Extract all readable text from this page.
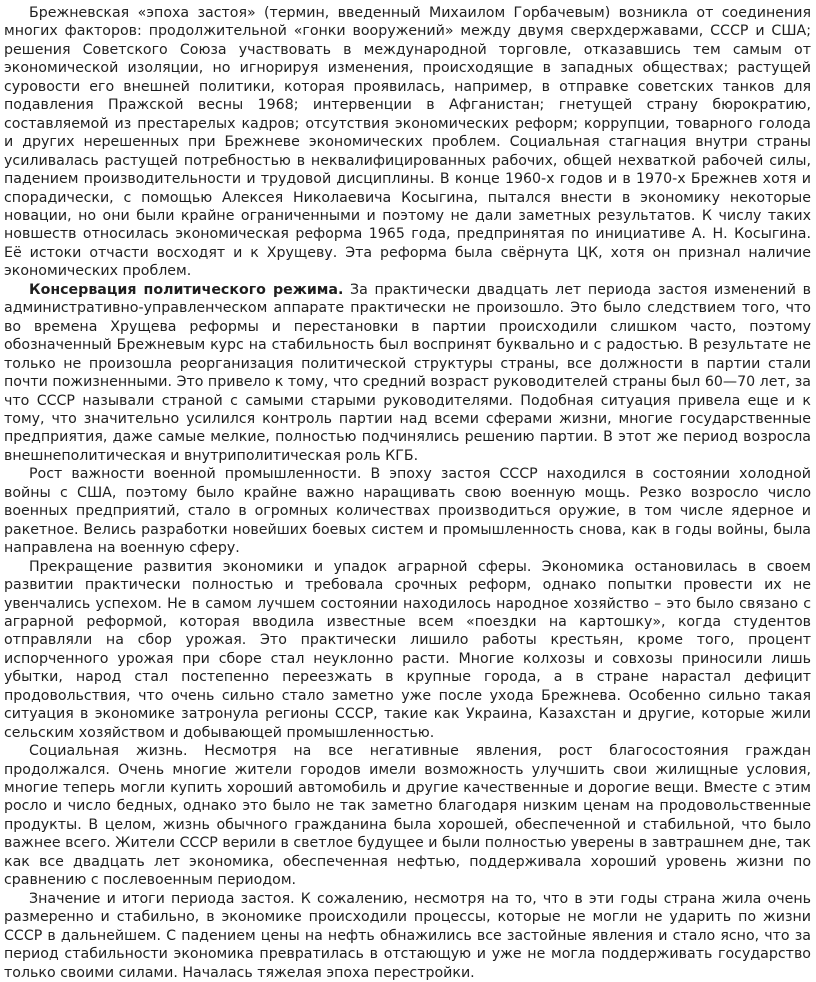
Брежневская «эпоха застоя» (термин, введенный Михаилом Горбачевым) возникла от соединения многих факторов: продолжительной «гонки вооружений» между двумя сверхдержавами, СССР и США; решения Советского Союза участвовать в международной торговле, отказавшись тем самым от экономической изоляции, но игнорируя изменения, происходящие в западных обществах; растущей суровости его внешней политики, которая проявилась, например, в отправке советских танков для подавления Пражской весны 1968; интервенции в Афганистан; гнетущей страну бюрократию, составляемой из престарелых кадров; отсутствия экономических реформ; коррупции, товарного голода и других нерешенных при Брежневе экономических проблем. Социальная стагнация внутри страны усиливалась растущей потребностью в неквалифицированных рабочих, общей нехваткой рабочей силы, падением производительности и трудовой дисциплины. В конце 1960-х годов и в 1970-х Брежнев хотя и спорадически, с помощью Алексея Николаевича Косыгина, пытался внести в экономику некоторые новации, но они были крайне ограниченными и поэтому не дали заметных результатов. К числу таких новшеств относилась экономическая реформа 1965 года, предпринятая по инициативе А. Н. Косыгина. Её истоки отчасти восходят и к Хрущеву. Эта реформа была свёрнута ЦК, хотя он признал наличие экономических проблем.

Консервация политического режима. За практически двадцать лет периода застоя изменений в административно-управленческом аппарате практически не произошло. Это было следствием того, что во времена Хрущева реформы и перестановки в партии происходили слишком часто, поэтому обозначенный Брежневым курс на стабильность был воспринят буквально и с радостью. В результате не только не произошла реорганизация политической структуры страны, все должности в партии стали почти пожизненными. Это привело к тому, что средний возраст руководителей страны был 60—70 лет, за что СССР называли страной с самыми старыми руководителями. Подобная ситуация привела еще и к тому, что значительно усилился контроль партии над всеми сферами жизни, многие государственные предприятия, даже самые мелкие, полностью подчинялись решению партии. В этот же период возросла внешнеполитическая и внутриполитическая роль КГБ.

Рост важности военной промышленности. В эпоху застоя СССР находился в состоянии холодной войны с США, поэтому было крайне важно наращивать свою военную мощь. Резко возросло число военных предприятий, стало в огромных количествах производиться оружие, в том числе ядерное и ракетное. Велись разработки новейших боевых систем и промышленность снова, как в годы войны, была направлена на военную сферу.

Прекращение развития экономики и упадок аграрной сферы. Экономика остановилась в своем развитии практически полностью и требовала срочных реформ, однако попытки провести их не увенчались успехом. Не в самом лучшем состоянии находилось народное хозяйство – это было связано с аграрной реформой, которая вводила известные всем «поездки на картошку», когда студентов отправляли на сбор урожая. Это практически лишило работы крестьян, кроме того, процент испорченного урожая при сборе стал неуклонно расти. Многие колхозы и совхозы приносили лишь убытки, народ стал постепенно переезжать в крупные города, а в стране нарастал дефицит продовольствия, что очень сильно стало заметно уже после ухода Брежнева. Особенно сильно такая ситуация в экономике затронула регионы СССР, такие как Украина, Казахстан и другие, которые жили сельским хозяйством и добывающей промышленностью.

Социальная жизнь. Несмотря на все негативные явления, рост благосостояния граждан продолжался. Очень многие жители городов имели возможность улучшить свои жилищные условия, многие теперь могли купить хороший автомобиль и другие качественные и дорогие вещи. Вместе с этим росло и число бедных, однако это было не так заметно благодаря низким ценам на продовольственные продукты. В целом, жизнь обычного гражданина была хорошей, обеспеченной и стабильной, что было важнее всего. Жители СССР верили в светлое будущее и были полностью уверены в завтрашнем дне, так как все двадцать лет экономика, обеспеченная нефтью, поддерживала хороший уровень жизни по сравнению с послевоенным периодом.

Значение и итоги периода застоя. К сожалению, несмотря на то, что в эти годы страна жила очень размеренно и стабильно, в экономике происходили процессы, которые не могли не ударить по жизни СССР в дальнейшем. С падением цены на нефть обнажились все застойные явления и стало ясно, что за период стабильности экономика превратилась в отстающую и уже не могла поддерживать государство только своими силами. Началась тяжелая эпоха перестройки.
